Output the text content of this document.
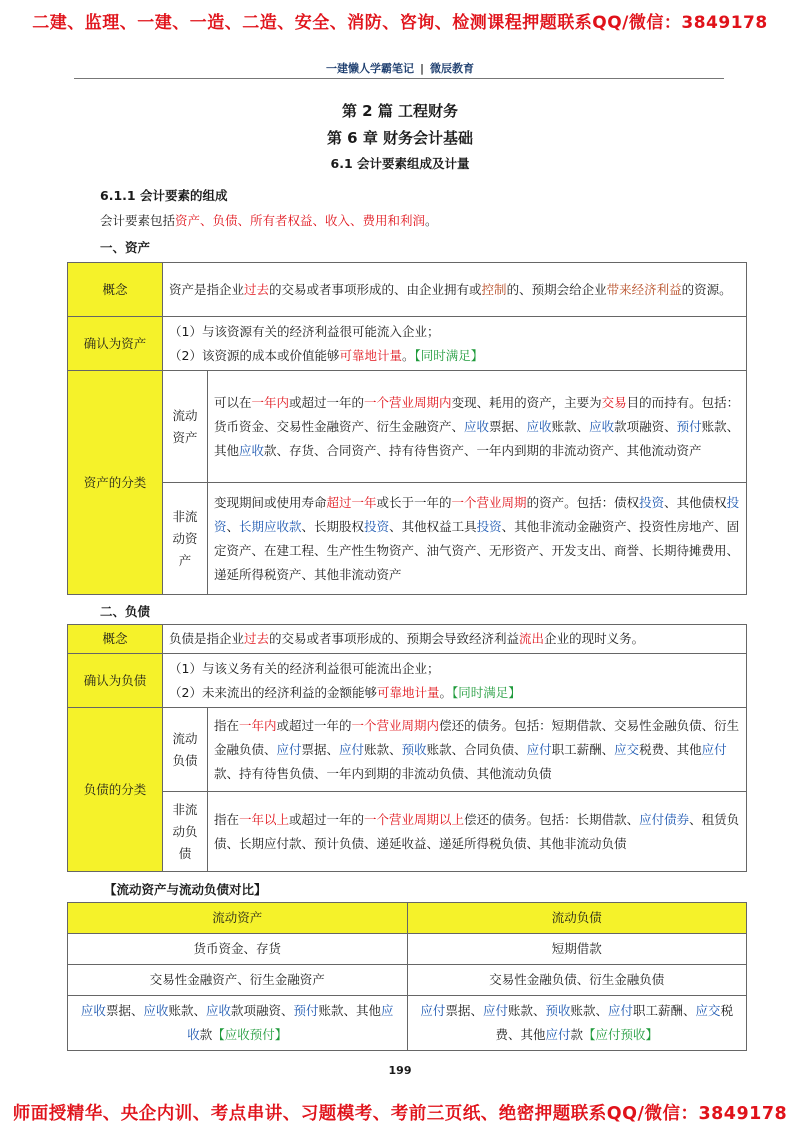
二建、监理、一建、一造、二造、安全、消防、咨询、检测课程押题联系QQ/微信：3849178
一建懒人学霸笔记 | 微辰教育
第 2 篇 工程财务
第 6 章 财务会计基础
6.1 会计要素组成及计量
6.1.1 会计要素的组成
会计要素包括资产、负债、所有者权益、收入、费用和利润。
一、资产
概念	资产是指企业过去的交易或者事项形成的、由企业拥有或控制的、预期会给企业带来经济利益的资源。	
确认为资产	（1）与该资源有关的经济利益很可能流入企业；
（2）该资源的成本或价值能够可靠地计量。【同时满足】	

资产的分类	流动资产	可以在一年内或超过一年的一个营业周期内变现、耗用的资产，主要为交易目的而持有。包括：货币资金、交易性金融资产、衍生金融资产、应收票据、应收账款、应收款项融资、预付账款、其他应收款、存货、合同资产、持有待售资产、一年内到期的非流动资产、其他流动资产
	非流动资产	变现期间或使用寿命超过一年或长于一年的一个营业周期的资产。包括：债权投资、其他债权投资、长期应收款、长期股权投资、其他权益工具投资、其他非流动金融资产、投资性房地产、固定资产、在建工程、生产性生物资产、油气资产、无形资产、开发支出、商誉、长期待摊费用、递延所得税资产、其他非流动资产
二、负债
概念	负债是指企业过去的交易或者事项形成的、预期会导致经济利益流出企业的现时义务。	
确认为负债	（1）与该义务有关的经济利益很可能流出企业；
（2）未来流出的经济利益的金额能够可靠地计量。【同时满足】	

负债的分类	流动负债	指在一年内或超过一年的一个营业周期内偿还的债务。包括：短期借款、交易性金融负债、衍生金融负债、应付票据、应付账款、预收账款、合同负债、应付职工薪酬、应交税费、其他应付款、持有待售负债、一年内到期的非流动负债、其他流动负债
	非流动负债	指在一年以上或超过一年的一个营业周期以上偿还的债务。包括：长期借款、应付债券、租赁负债、长期应付款、预计负债、递延收益、递延所得税负债、其他非流动负债
【流动资产与流动负债对比】
流动资产	流动负债
货币资金、存货	短期借款
交易性金融资产、衍生金融资产	交易性金融负债、衍生金融负债
应收票据、应收账款、应收款项融资、预付账款、其他应收款【应收预付】	应付票据、应付账款、预收账款、应付职工薪酬、应交税费、其他应付款【应付预收】
199
师面授精华、央企内训、考点串讲、习题模考、考前三页纸、绝密押题联系QQ/微信：3849178
